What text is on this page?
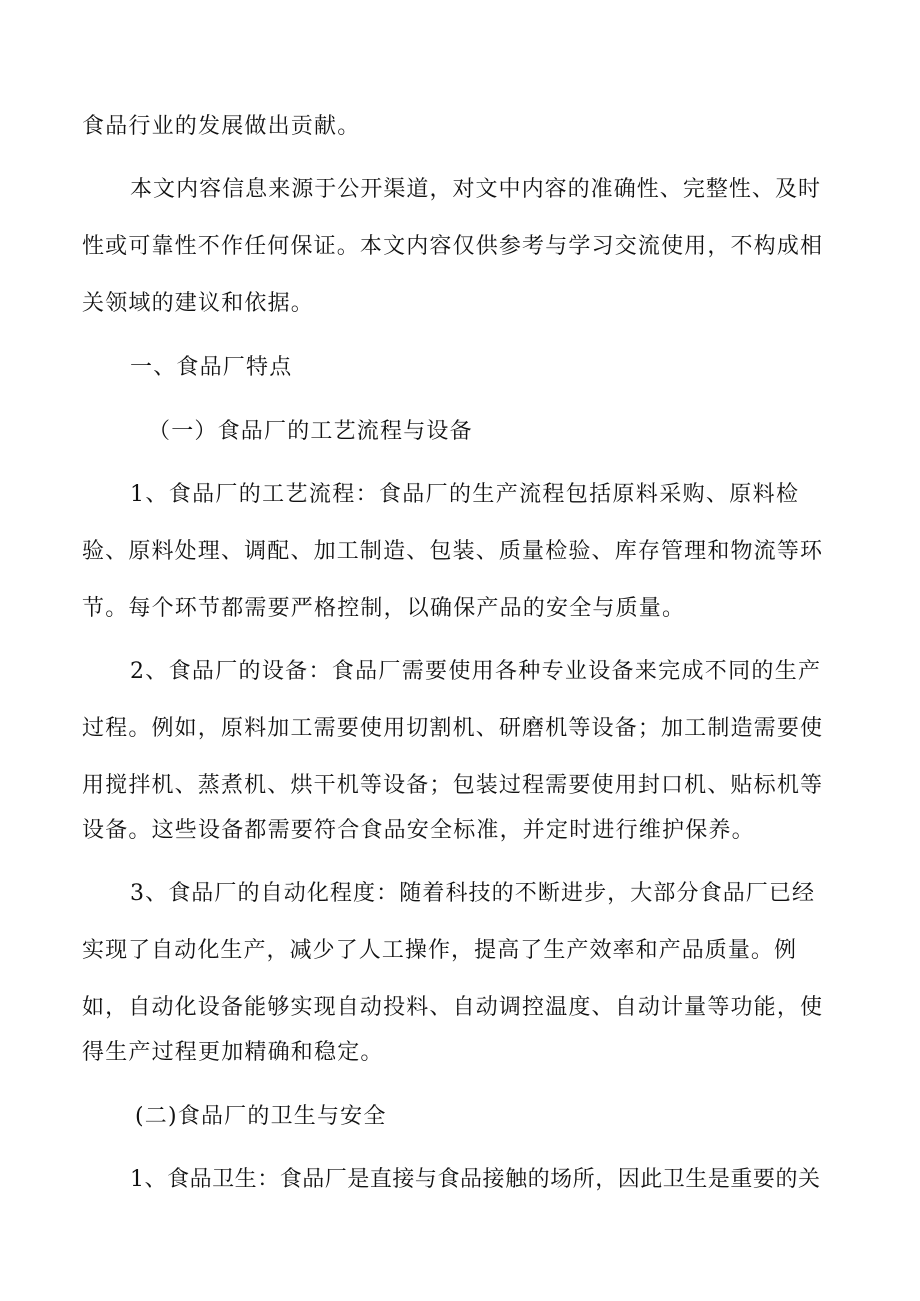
食品行业的发展做出贡献。
本文内容信息来源于公开渠道，对文中内容的准确性、完整性、及时
性或可靠性不作任何保证。本文内容仅供参考与学习交流使用，不构成相
关领域的建议和依据。
一、食品厂特点
（一）食品厂的工艺流程与设备
1、食品厂的工艺流程：食品厂的生产流程包括原料采购、原料检
验、原料处理、调配、加工制造、包装、质量检验、库存管理和物流等环
节。每个环节都需要严格控制，以确保产品的安全与质量。
2、食品厂的设备：食品厂需要使用各种专业设备来完成不同的生产
过程。例如，原料加工需要使用切割机、研磨机等设备；加工制造需要使
用搅拌机、蒸煮机、烘干机等设备；包装过程需要使用封口机、贴标机等
设备。这些设备都需要符合食品安全标准，并定时进行维护保养。
3、食品厂的自动化程度：随着科技的不断进步，大部分食品厂已经
实现了自动化生产，减少了人工操作，提高了生产效率和产品质量。例
如，自动化设备能够实现自动投料、自动调控温度、自动计量等功能，使
得生产过程更加精确和稳定。
(二)食品厂的卫生与安全
1、食品卫生：食品厂是直接与食品接触的场所，因此卫生是重要的关
